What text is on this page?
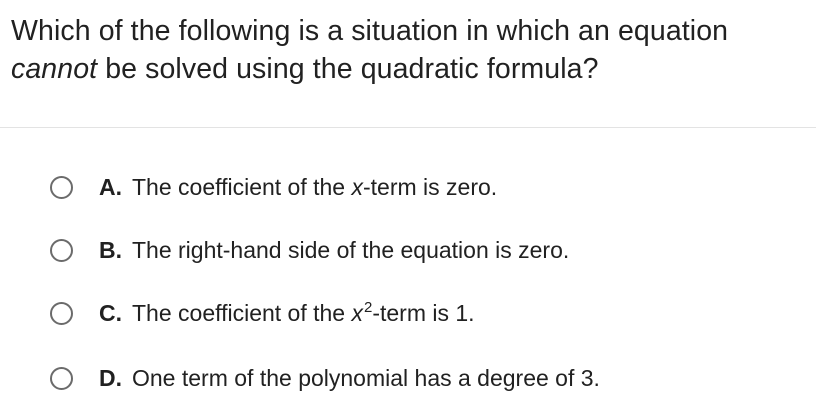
Which of the following is a situation in which an equation
cannot be solved using the quadratic formula?
A. The coefficient of the x-term is zero.
B. The right-hand side of the equation is zero.
C. The coefficient of the $x^2$-term is 1.
D. One term of the polynomial has a degree of 3.
